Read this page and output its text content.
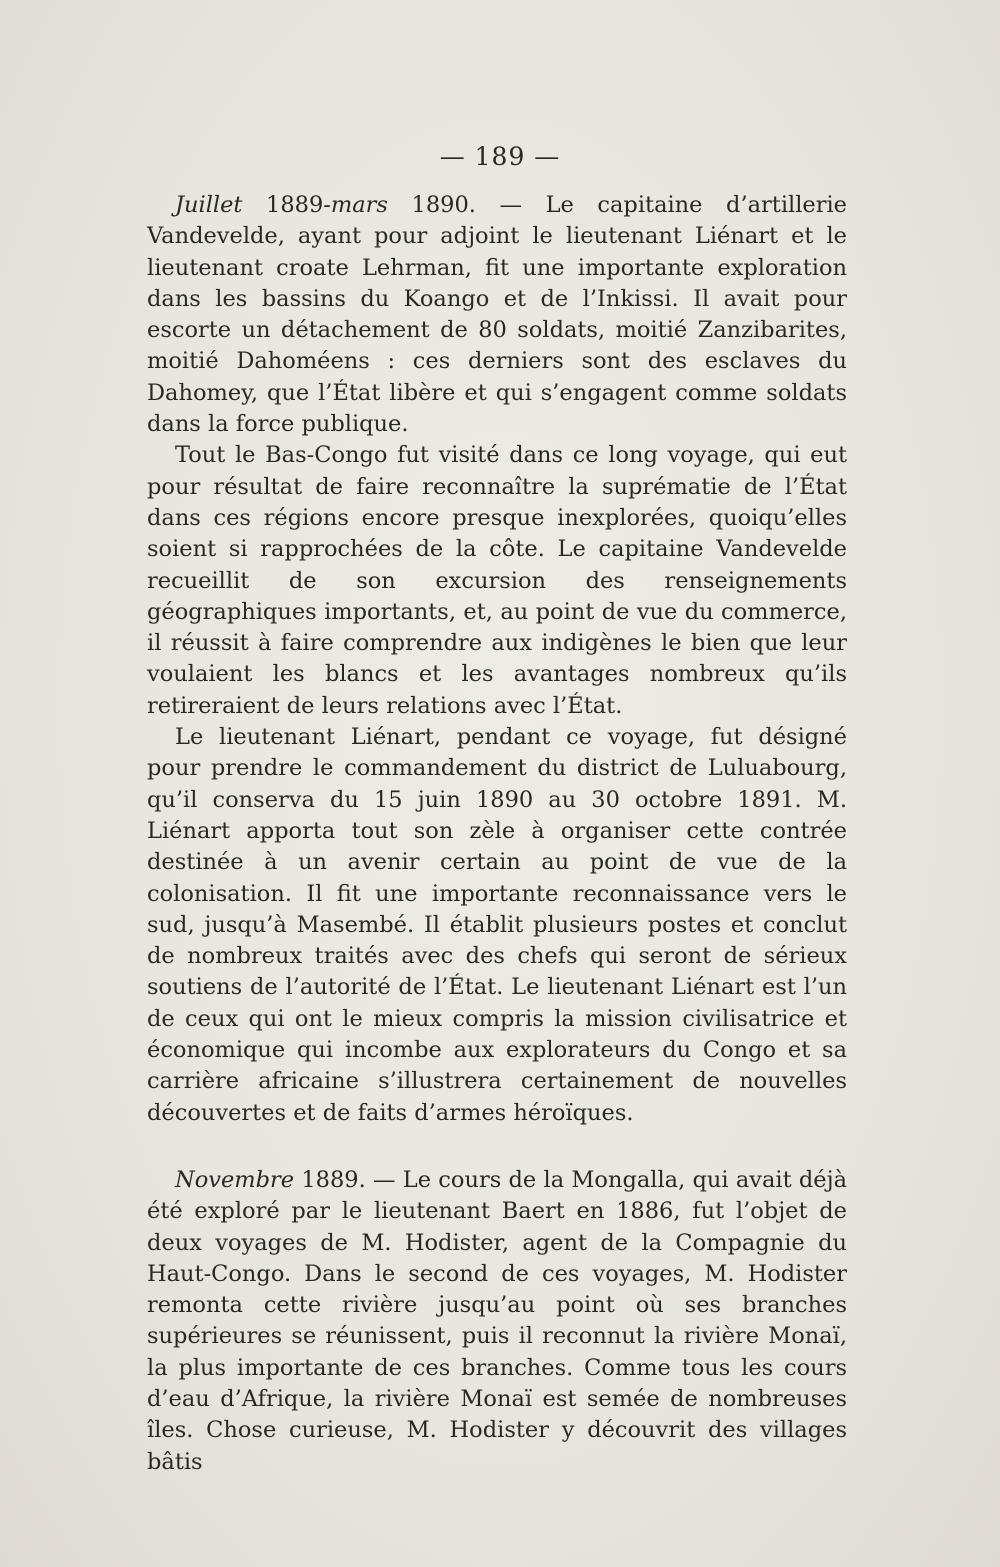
— 189 —

Juillet 1889-mars 1890. — Le capitaine d’artillerie Vandevelde, ayant pour adjoint le lieutenant Liénart et le lieutenant croate Lehrman, fit une importante exploration dans les bassins du Koango et de l’Inkissi. Il avait pour escorte un détachement de 80 soldats, moitié Zanzibarites, moitié Dahoméens : ces derniers sont des esclaves du Dahomey, que l’État libère et qui s’engagent comme soldats dans la force publique.

Tout le Bas-Congo fut visité dans ce long voyage, qui eut pour résultat de faire reconnaître la suprématie de l’État dans ces régions encore presque inexplorées, quoiqu’elles soient si rapprochées de la côte. Le capitaine Vandevelde recueillit de son excursion des renseignements géographiques importants, et, au point de vue du commerce, il réussit à faire comprendre aux indigènes le bien que leur voulaient les blancs et les avantages nombreux qu’ils retireraient de leurs relations avec l’État.

Le lieutenant Liénart, pendant ce voyage, fut désigné pour prendre le commandement du district de Luluabourg, qu’il conserva du 15 juin 1890 au 30 octobre 1891. M. Liénart apporta tout son zèle à organiser cette contrée destinée à un avenir certain au point de vue de la colonisation. Il fit une importante reconnaissance vers le sud, jusqu’à Masembé. Il établit plusieurs postes et conclut de nombreux traités avec des chefs qui seront de sérieux soutiens de l’autorité de l’État. Le lieutenant Liénart est l’un de ceux qui ont le mieux compris la mission civilisatrice et économique qui incombe aux explorateurs du Congo et sa carrière africaine s’illustrera certainement de nouvelles découvertes et de faits d’armes héroïques.

Novembre 1889. — Le cours de la Mongalla, qui avait déjà été exploré par le lieutenant Baert en 1886, fut l’objet de deux voyages de M. Hodister, agent de la Compagnie du Haut-Congo. Dans le second de ces voyages, M. Hodister remonta cette rivière jusqu’au point où ses branches supérieures se réunissent, puis il reconnut la rivière Monaï, la plus importante de ces branches. Comme tous les cours d’eau d’Afrique, la rivière Monaï est semée de nombreuses îles. Chose curieuse, M. Hodister y découvrit des villages bâtis
